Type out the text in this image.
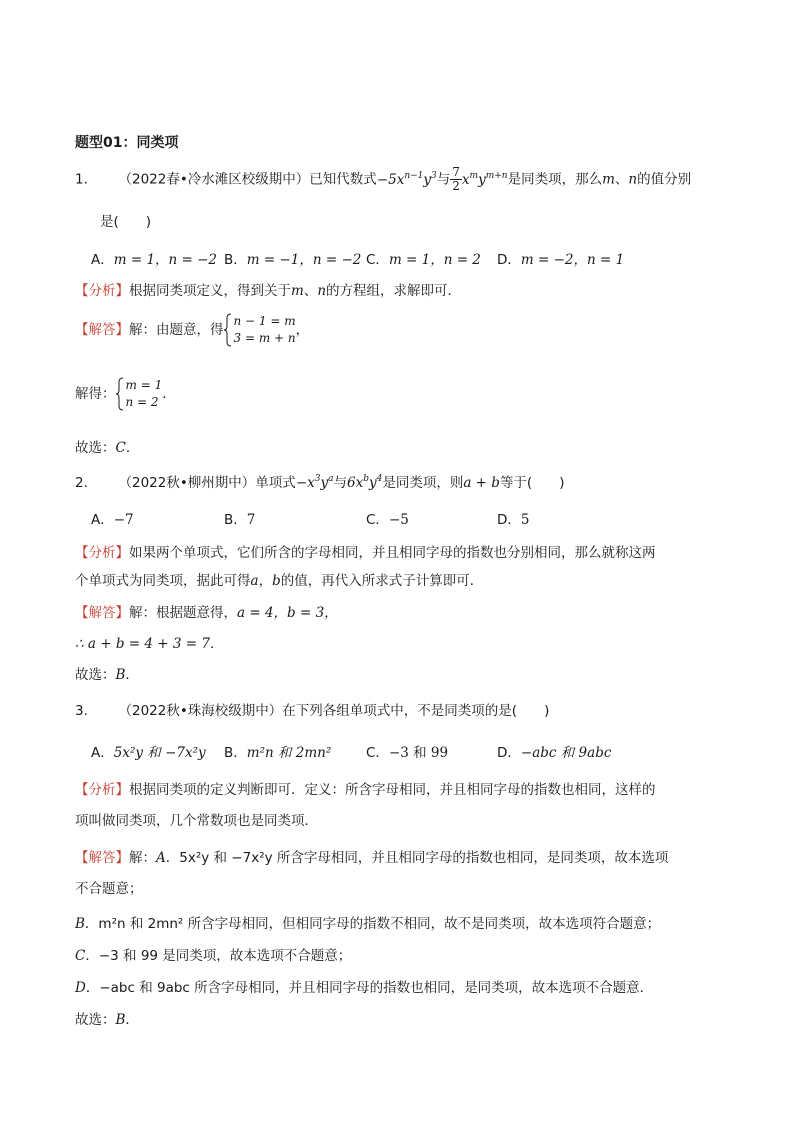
题型01：同类项
1. （2022春•冷水滩区校级期中）已知代数式$-5x^{n-1}y^3$与 $\frac{7}{2} x^my^{m+n}$是同类项，那么m、n的值分别
是(　　)
A．m = 1，n = −2 B．m = −1，n = −2 C．m = 1，n = 2 D．m = −2，n = 1
【分析】根据同类项定义，得到关于m、n的方程组，求解即可．
【解答】解：由题意，得
n − 1 = m
3 = m + n ，
解得：
m = 1
n = 2 ．
故选：C．
2. （2022秋•柳州期中）单项式$-x^3y^a$与$6x^by^4$是同类项，则a + b等于(　　)
A．−7	B．7	C．−5	D．5
【分析】如果两个单项式，它们所含的字母相同，并且相同字母的指数也分别相同，那么就称这两
个单项式为同类项，据此可得a，b的值，再代入所求式子计算即可．
【解答】解：根据题意得，a = 4，b = 3，
∴ a + b = 4 + 3 = 7．
故选：B．
3. （2022秋•珠海校级期中）在下列各组单项式中，不是同类项的是(　　)
A．5x²y 和 −7x²y B．m²n 和 2mn²	C．−3 和 99	D．−abc 和 9abc
【分析】根据同类项的定义判断即可．定义：所含字母相同，并且相同字母的指数也相同，这样的
项叫做同类项，几个常数项也是同类项．
【解答】解：A．5x²y 和 −7x²y 所含字母相同，并且相同字母的指数也相同，是同类项，故本选项
不合题意；
B．m²n 和 2mn² 所含字母相同，但相同字母的指数不相同，故不是同类项，故本选项符合题意；
C．−3 和 99 是同类项，故本选项不合题意；
D．−abc 和 9abc 所含字母相同，并且相同字母的指数也相同，是同类项，故本选项不合题意．
故选：B．
